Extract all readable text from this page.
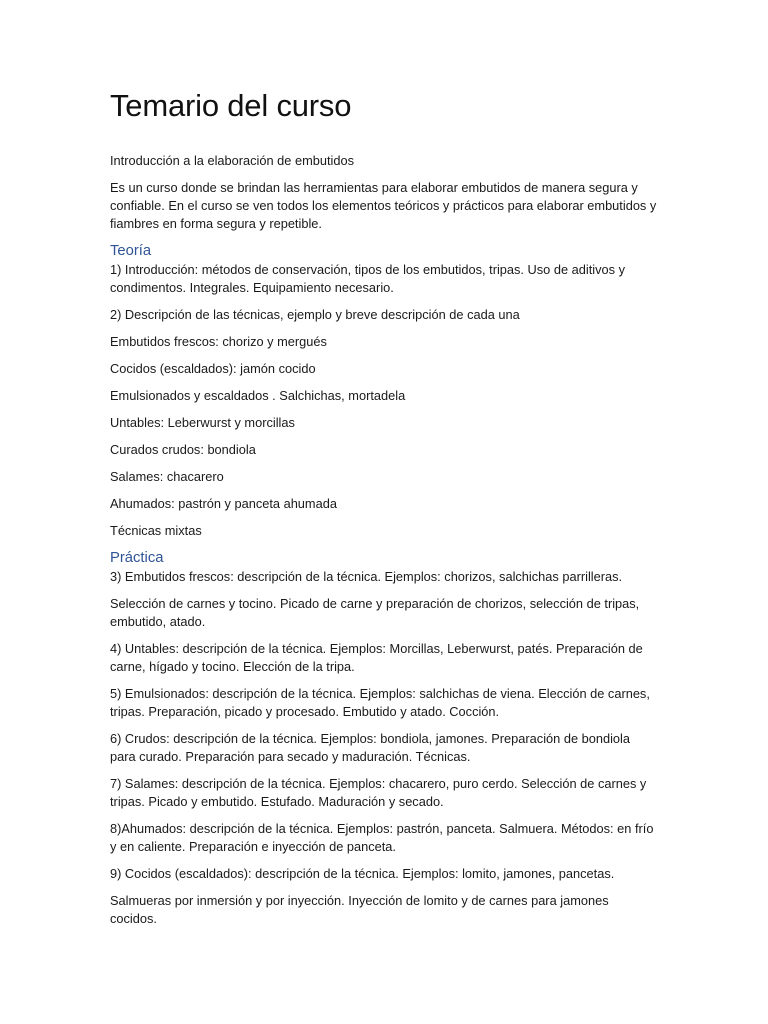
Temario del curso

Introducción a la elaboración de embutidos

Es un curso donde se brindan las herramientas para elaborar embutidos de manera segura y confiable. En el curso se ven todos los elementos teóricos y prácticos para elaborar embutidos y fiambres en forma segura y repetible.

Teoría

1) Introducción: métodos de conservación, tipos de los embutidos, tripas. Uso de aditivos y condimentos. Integrales. Equipamiento necesario.

2) Descripción de las técnicas, ejemplo y breve descripción de cada una

Embutidos frescos: chorizo y mergués

Cocidos (escaldados): jamón cocido

Emulsionados y escaldados . Salchichas, mortadela

Untables: Leberwurst y morcillas

Curados crudos: bondiola

Salames: chacarero

Ahumados: pastrón y panceta ahumada

Técnicas mixtas

Práctica

3) Embutidos frescos: descripción de la técnica. Ejemplos: chorizos, salchichas parrilleras.

Selección de carnes y tocino. Picado de carne y preparación de chorizos, selección de tripas, embutido, atado.

4) Untables: descripción de la técnica. Ejemplos: Morcillas, Leberwurst, patés. Preparación de carne, hígado y tocino. Elección de la tripa.

5) Emulsionados: descripción de la técnica. Ejemplos: salchichas de viena. Elección de carnes, tripas. Preparación, picado y procesado. Embutido y atado. Cocción.

6) Crudos: descripción de la técnica. Ejemplos: bondiola, jamones. Preparación de bondiola para curado. Preparación para secado y maduración. Técnicas.

7) Salames: descripción de la técnica. Ejemplos: chacarero, puro cerdo. Selección de carnes y tripas. Picado y embutido. Estufado. Maduración y secado.

8)Ahumados: descripción de la técnica. Ejemplos: pastrón, panceta. Salmuera. Métodos: en frío y en caliente. Preparación e inyección de panceta.

9) Cocidos (escaldados): descripción de la técnica. Ejemplos: lomito, jamones, pancetas.

Salmueras por inmersión y por inyección. Inyección de lomito y de carnes para jamones cocidos.
